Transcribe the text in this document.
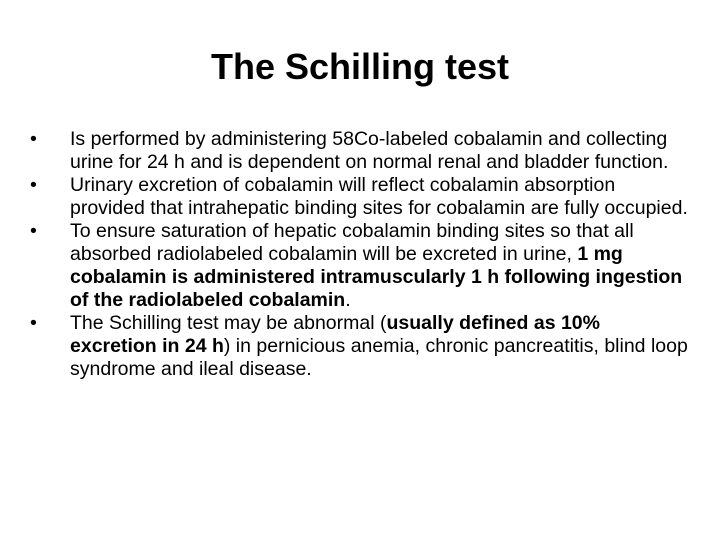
The Schilling test
•	Is performed by administering 58Co-labeled cobalamin and collecting urine for 24 h and is dependent on normal renal and bladder function.
•	Urinary excretion of cobalamin will reflect cobalamin absorption provided that intrahepatic binding sites for cobalamin are fully occupied.
•	To ensure saturation of hepatic cobalamin binding sites so that all absorbed radiolabeled cobalamin will be excreted in urine, 1 mg cobalamin is administered intramuscularly 1 h following ingestion of the radiolabeled cobalamin.
•	The Schilling test may be abnormal (usually defined as 10% excretion in 24 h) in pernicious anemia, chronic pancreatitis, blind loop syndrome and ileal disease.
